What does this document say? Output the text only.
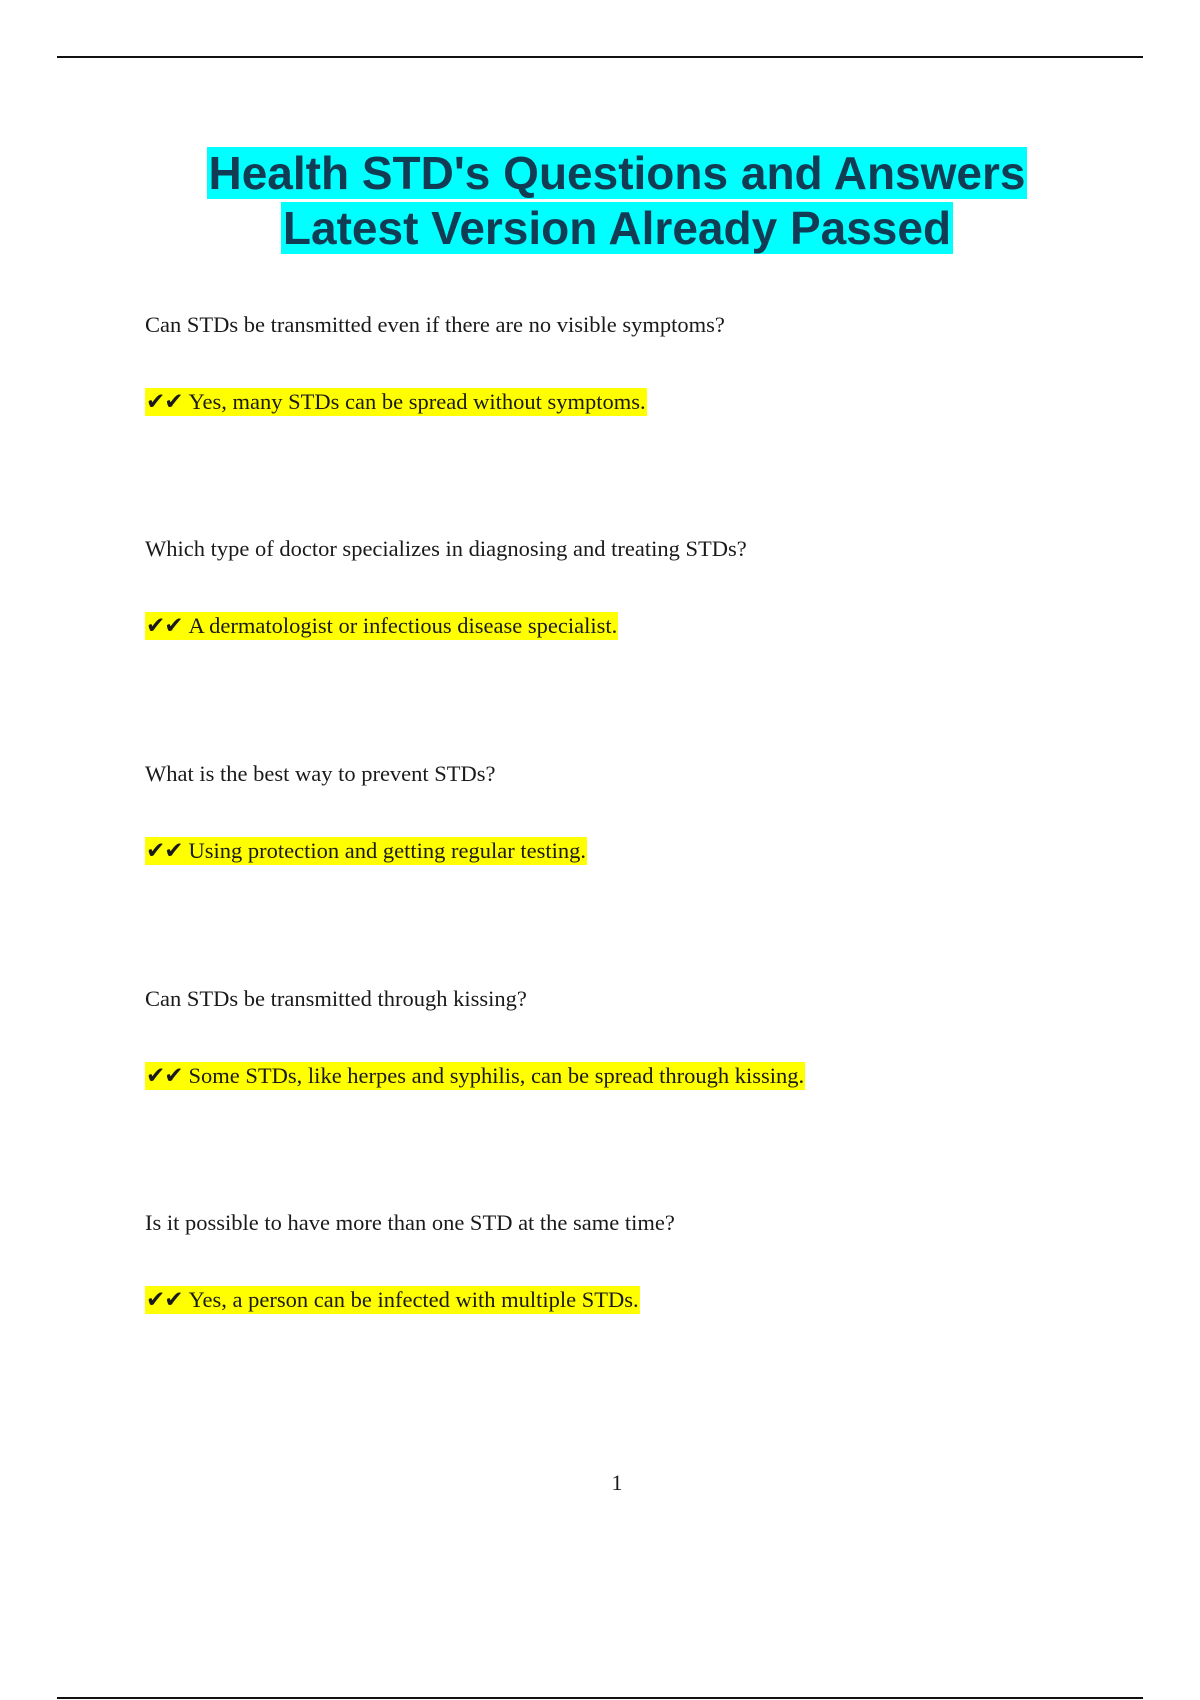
Health STD's Questions and Answers
Latest Version Already Passed
Can STDs be transmitted even if there are no visible symptoms?
✔✔ Yes, many STDs can be spread without symptoms.
Which type of doctor specializes in diagnosing and treating STDs?
✔✔ A dermatologist or infectious disease specialist.
What is the best way to prevent STDs?
✔✔ Using protection and getting regular testing.
Can STDs be transmitted through kissing?
✔✔ Some STDs, like herpes and syphilis, can be spread through kissing.
Is it possible to have more than one STD at the same time?
✔✔ Yes, a person can be infected with multiple STDs.
1
